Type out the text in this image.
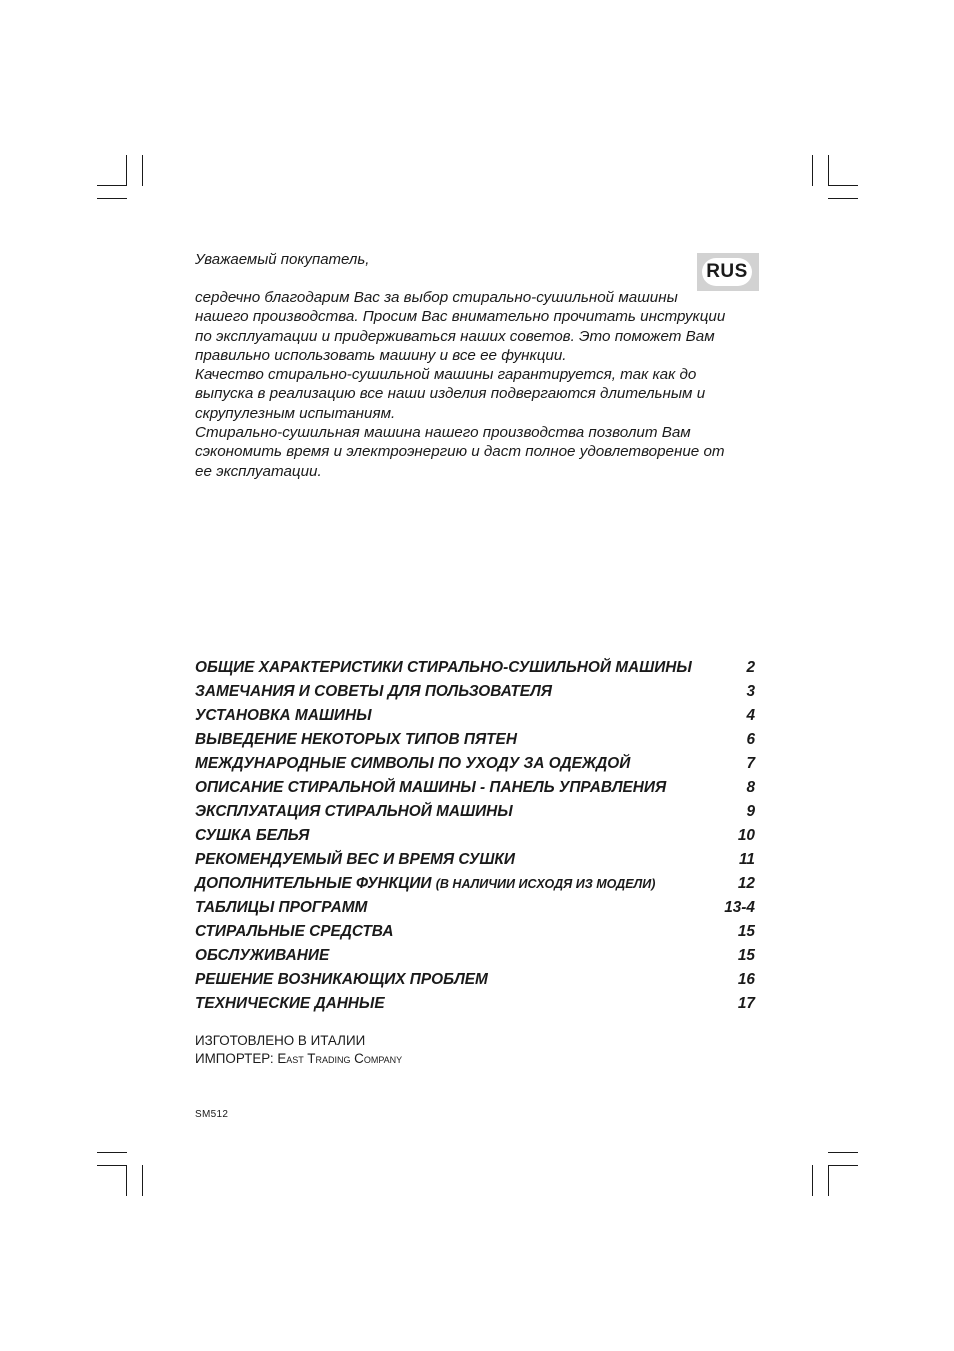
Уважаемый покупатель,
RUS
сердечно благодарим Вас за выбор стирально-сушильной машины
нашего производства. Просим Вас внимательно прочитать инструкции
по эксплуатации и придерживаться наших советов. Это поможет Вам
правильно использовать машину и все ее функции.
Качество стирально-сушильной машины гарантируется, так как до
выпуска в реализацию все наши изделия подвергаются длительным и
скрупулезным испытаниям.
Стирально-сушильная машина нашего производства позволит Вам
сэкономить время и электроэнергию и даст полное удовлетворение от
ее эксплуатации.
ОБЩИЕ ХАРАКТЕРИСТИКИ СТИРАЛЬНО-СУШИЛЬНОЙ МАШИНЫ	2
ЗАМЕЧАНИЯ И СОВЕТЫ ДЛЯ ПОЛЬЗОВАТЕЛЯ	3
УСТАНОВКА МАШИНЫ	4
ВЫВЕДЕНИЕ НЕКОТОРЫХ ТИПОВ ПЯТЕН	6
МЕЖДУНАРОДНЫЕ СИМВОЛЫ ПО УХОДУ ЗА ОДЕЖДОЙ	7
ОПИСАНИЕ СТИРАЛЬНОЙ МАШИНЫ - ПАНЕЛЬ УПРАВЛЕНИЯ	8
ЭКСПЛУАТАЦИЯ СТИРАЛЬНОЙ МАШИНЫ	9
СУШКА БЕЛЬЯ	10
РЕКОМЕНДУЕМЫЙ ВЕС И ВРЕМЯ СУШКИ	11
ДОПОЛНИТЕЛЬНЫЕ ФУНКЦИИ (В НАЛИЧИИ ИСХОДЯ ИЗ МОДЕЛИ)	12
ТАБЛИЦЫ ПРОГРАММ	13-4
СТИРАЛЬНЫЕ СРЕДСТВА	15
ОБСЛУЖИВАНИЕ	15
РЕШЕНИЕ ВОЗНИКАЮЩИХ ПРОБЛЕМ	16
ТЕХНИЧЕСКИЕ ДАННЫЕ	17
ИЗГОТОВЛЕНО В ИТАЛИИ
ИМПОРТЕР: East Trading Company
SM512
